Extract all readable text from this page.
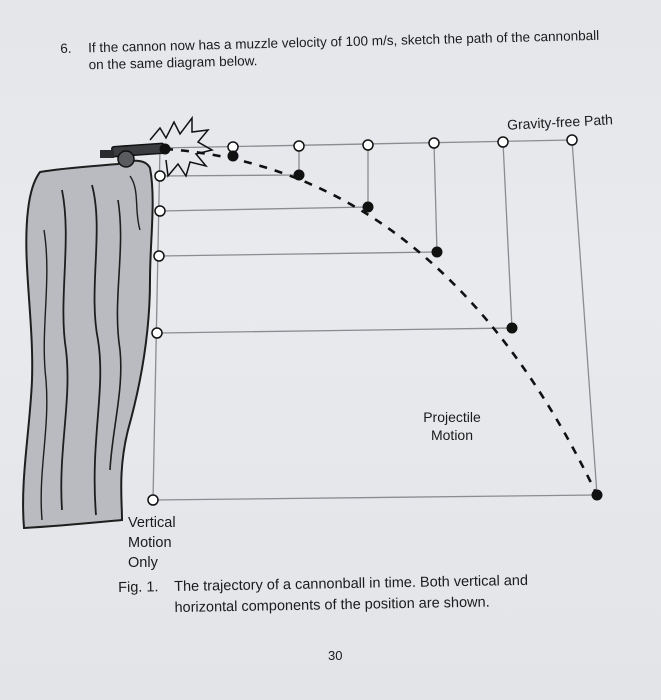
6. If the cannon now has a muzzle velocity of 100 m/s, sketch the path of the cannonball on the same diagram below.
Gravity-free Path
Projectile
Motion
Vertical
Motion
Only
Fig. 1. The trajectory of a cannonball in time. Both vertical and horizontal components of the position are shown.
30
